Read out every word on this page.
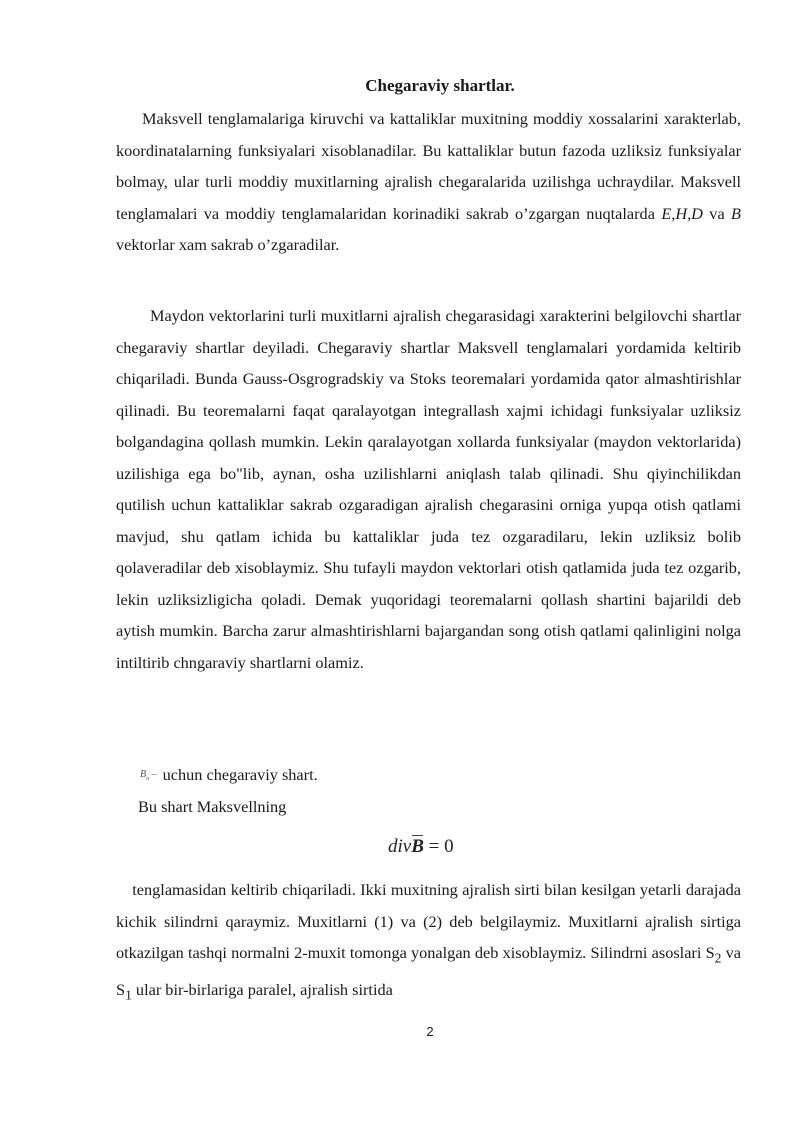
Chegaraviy shartlar.

Maksvell tenglamalariga kiruvchi va kattaliklar muxitning moddiy xossalarini xarakterlab, koordinatalarning funksiyalari xisoblanadilar. Bu kattaliklar butun fazoda uzliksiz funksiyalar bolmay, ular turli moddiy muxitlarning ajralish chegaralarida uzilishga uchraydilar. Maksvell tenglamalari va moddiy tenglamalaridan korinadiki sakrab o’zgargan nuqtalarda E,H,D va B vektorlar xam sakrab o’zgaradilar.

Maydon vektorlarini turli muxitlarni ajralish chegarasidagi xarakterini belgilovchi shartlar chegaraviy shartlar deyiladi. Chegaraviy shartlar Maksvell tenglamalari yordamida keltirib chiqariladi. Bunda Gauss-Osgrogradskiy va Stoks teoremalari yordamida qator almashtirishlar qilinadi. Bu teoremalarni faqat qaralayotgan integrallash xajmi ichidagi funksiyalar uzliksiz bolgandagina qollash mumkin. Lekin qaralayotgan xollarda funksiyalar (maydon vektorlarida) uzilishiga ega bo"lib, aynan, osha uzilishlarni aniqlash talab qilinadi. Shu qiyinchilikdan qutilish uchun kattaliklar sakrab ozgaradigan ajralish chegarasini orniga yupqa otish qatlami mavjud, shu qatlam ichida bu kattaliklar juda tez ozgaradilaru, lekin uzliksiz bolib qolaveradilar deb xisoblaymiz. Shu tufayli maydon vektorlari otish qatlamida juda tez ozgarib, lekin uzliksizligicha qoladi. Demak yuqoridagi teoremalarni qollash shartini bajarildi deb aytish mumkin. Barcha zarur almashtirishlarni bajargandan song otish qatlami qalinligini nolga intiltirib chngaraviy shartlarni olamiz.

$B_n$ – uchun chegaraviy shart.
Bu shart Maksvellning
divB = 0

 tenglamasidan keltirib chiqariladi. Ikki muxitning ajralish sirti bilan kesilgan yetarli darajada kichik silindrni qaraymiz. Muxitlarni (1) va (2) deb belgilaymiz. Muxitlarni ajralish sirtiga otkazilgan tashqi normalni 2-muxit tomonga yonalgan deb xisoblaymiz. Silindrni asoslari $S_2$ va $S_1$ ular bir-birlariga paralel, ajralish sirtida

2
